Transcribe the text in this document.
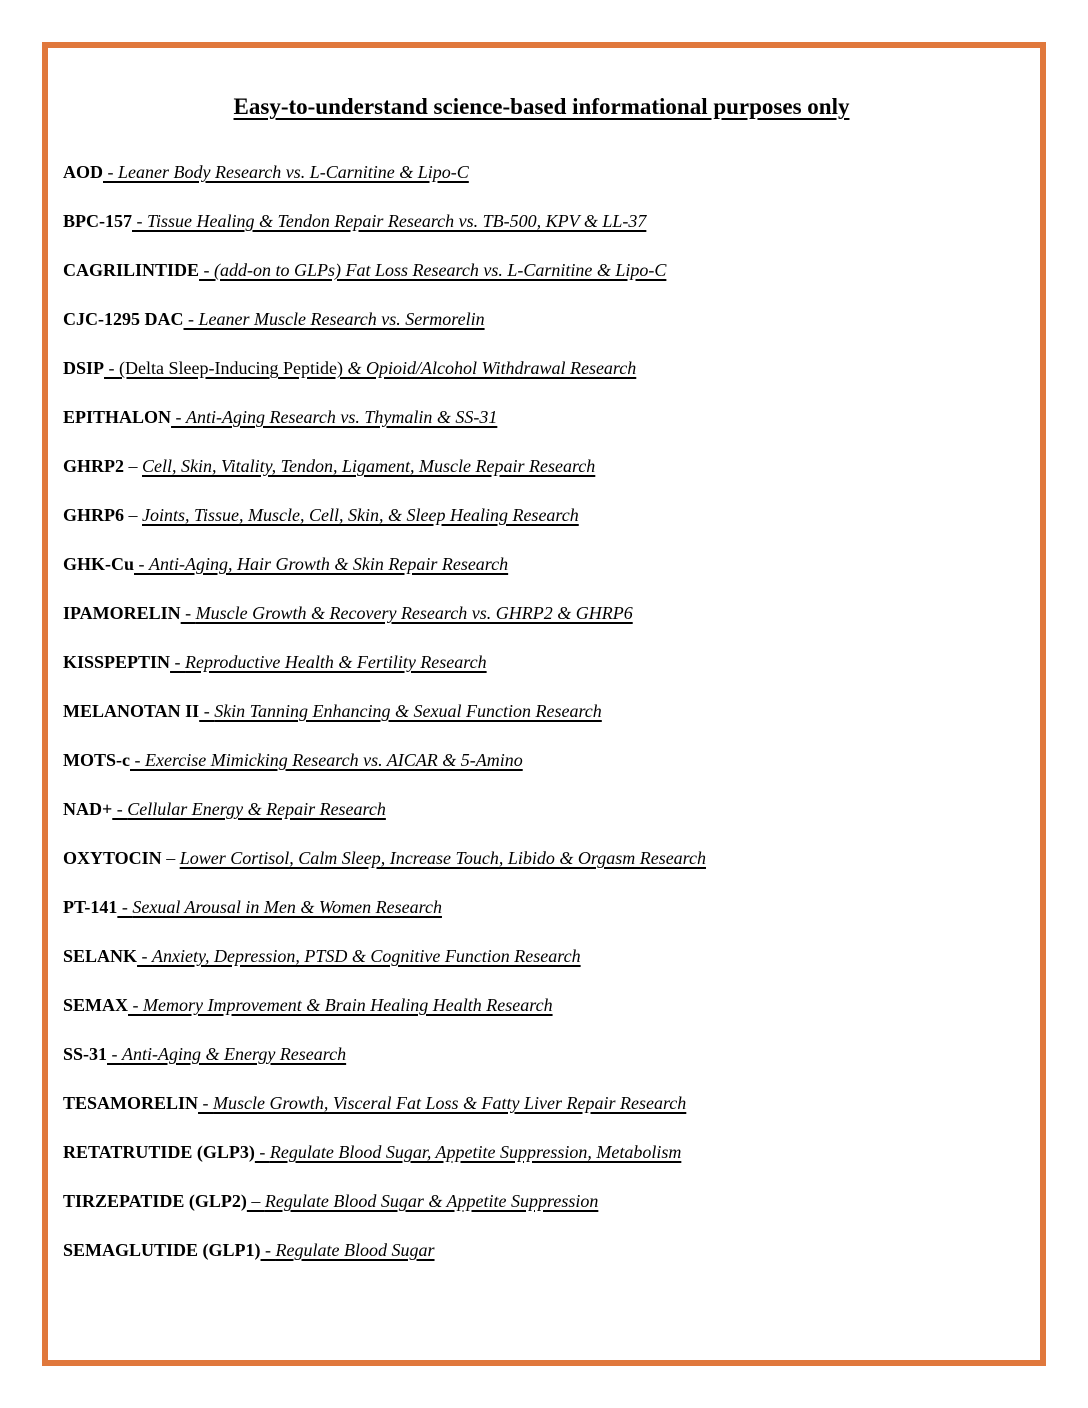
Easy-to-understand science-based informational purposes only

AOD - Leaner Body Research vs. L-Carnitine & Lipo-C

BPC-157 - Tissue Healing & Tendon Repair Research vs. TB-500, KPV & LL-37

CAGRILINTIDE - (add-on to GLPs) Fat Loss Research vs. L-Carnitine & Lipo-C

CJC-1295 DAC - Leaner Muscle Research vs. Sermorelin

DSIP - (Delta Sleep-Inducing Peptide) & Opioid/Alcohol Withdrawal Research

EPITHALON - Anti-Aging Research vs. Thymalin & SS-31

GHRP2 – Cell, Skin, Vitality, Tendon, Ligament, Muscle Repair Research

GHRP6 – Joints, Tissue, Muscle, Cell, Skin, & Sleep Healing Research

GHK-Cu - Anti-Aging, Hair Growth & Skin Repair Research

IPAMORELIN - Muscle Growth & Recovery Research vs. GHRP2 & GHRP6

KISSPEPTIN - Reproductive Health & Fertility Research

MELANOTAN II - Skin Tanning Enhancing & Sexual Function Research

MOTS-c - Exercise Mimicking Research vs. AICAR & 5-Amino

NAD+ - Cellular Energy & Repair Research

OXYTOCIN – Lower Cortisol, Calm Sleep, Increase Touch, Libido & Orgasm Research

PT-141 - Sexual Arousal in Men & Women Research

SELANK - Anxiety, Depression, PTSD & Cognitive Function Research

SEMAX - Memory Improvement & Brain Healing Health Research

SS-31 - Anti-Aging & Energy Research

TESAMORELIN - Muscle Growth, Visceral Fat Loss & Fatty Liver Repair Research

RETATRUTIDE (GLP3) - Regulate Blood Sugar, Appetite Suppression, Metabolism

TIRZEPATIDE (GLP2) – Regulate Blood Sugar & Appetite Suppression

SEMAGLUTIDE (GLP1) - Regulate Blood Sugar
